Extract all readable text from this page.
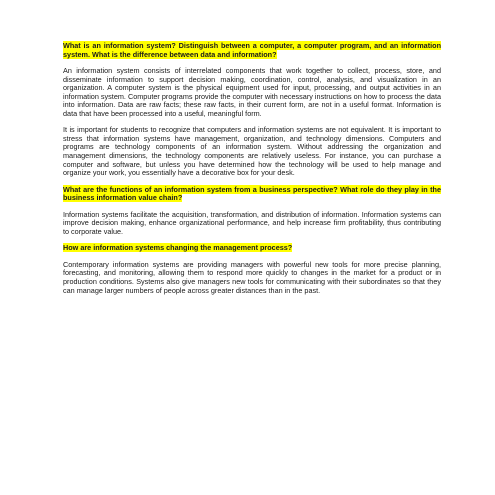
What is an information system? Distinguish between a computer, a computer program, and an information system. What is the difference between data and information?

An information system consists of interrelated components that work together to collect, process, store, and disseminate information to support decision making, coordination, control, analysis, and visualization in an organization. A computer system is the physical equipment used for input, processing, and output activities in an information system. Computer programs provide the computer with necessary instructions on how to process the data into information. Data are raw facts; these raw facts, in their current form, are not in a useful format. Information is data that have been processed into a useful, meaningful form.

It is important for students to recognize that computers and information systems are not equivalent. It is important to stress that information systems have management, organization, and technology dimensions. Computers and programs are technology components of an information system. Without addressing the organization and management dimensions, the technology components are relatively useless. For instance, you can purchase a computer and software, but unless you have determined how the technology will be used to help manage and organize your work, you essentially have a decorative box for your desk.

What are the functions of an information system from a business perspective? What role do they play in the business information value chain?

Information systems facilitate the acquisition, transformation, and distribution of information. Information systems can improve decision making, enhance organizational performance, and help increase firm profitability, thus contributing to corporate value.

How are information systems changing the management process?

Contemporary information systems are providing managers with powerful new tools for more precise planning, forecasting, and monitoring, allowing them to respond more quickly to changes in the market for a product or in production conditions. Systems also give managers new tools for communicating with their subordinates so that they can manage larger numbers of people across greater distances than in the past.
